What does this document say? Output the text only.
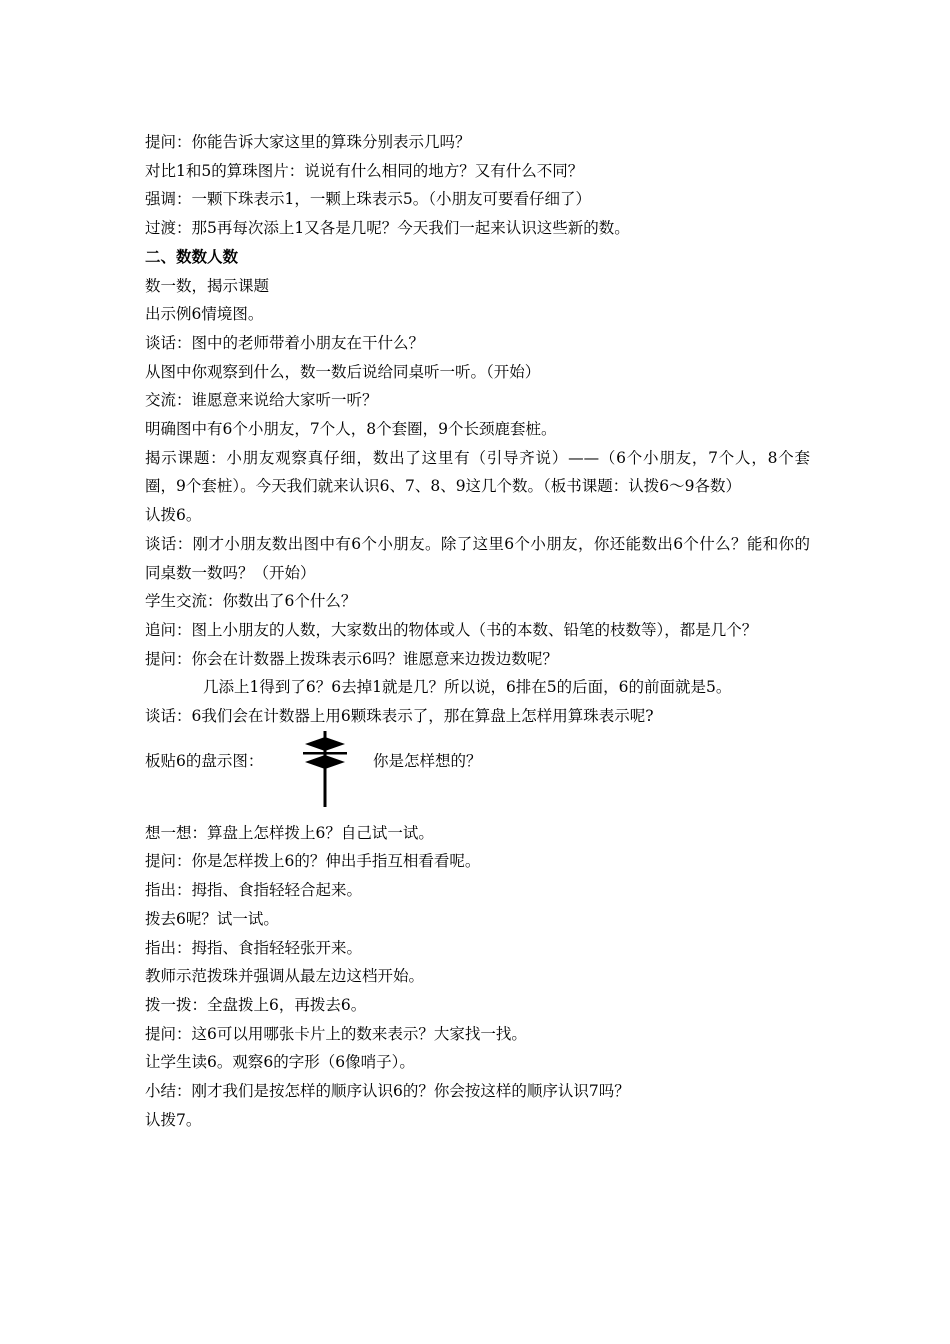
提问：你能告诉大家这里的算珠分别表示几吗？
对比1和5的算珠图片：说说有什么相同的地方？又有什么不同？
强调：一颗下珠表示1，一颗上珠表示5。（小朋友可要看仔细了）
过渡：那5再每次添上1又各是几呢？今天我们一起来认识这些新的数。
二、数数人数
数一数，揭示课题
出示例6情境图。
谈话：图中的老师带着小朋友在干什么？
从图中你观察到什么，数一数后说给同桌听一听。（开始）
交流：谁愿意来说给大家听一听？
明确图中有6个小朋友，7个人，8个套圈，9个长颈鹿套桩。
揭示课题：小朋友观察真仔细，数出了这里有（引导齐说）——（6个小朋友，7个人，8个套圈，9个套桩）。今天我们就来认识6、7、8、9这几个数。（板书课题：认拨6～9各数）
认拨6。
谈话：刚才小朋友数出图中有6个小朋友。除了这里6个小朋友，你还能数出6个什么？能和你的同桌数一数吗？（开始）
学生交流：你数出了6个什么？
追问：图上小朋友的人数，大家数出的物体或人（书的本数、铅笔的枝数等），都是几个？
提问：你会在计数器上拨珠表示6吗？谁愿意来边拨边数呢？
几添上1得到了6？6去掉1就是几？所以说，6排在5的后面，6的前面就是5。
谈话：6我们会在计数器上用6颗珠表示了，那在算盘上怎样用算珠表示呢?
板贴6的盘示图：	你是怎样想的？
想一想：算盘上怎样拨上6？自己试一试。
提问：你是怎样拨上6的？伸出手指互相看看呢。
指出：拇指、食指轻轻合起来。
拨去6呢？试一试。
指出：拇指、食指轻轻张开来。
教师示范拨珠并强调从最左边这档开始。
拨一拨：全盘拨上6，再拨去6。
提问：这6可以用哪张卡片上的数来表示？大家找一找。
让学生读6。观察6的字形（6像哨子）。
小结：刚才我们是按怎样的顺序认识6的？你会按这样的顺序认识7吗？
认拨7。
